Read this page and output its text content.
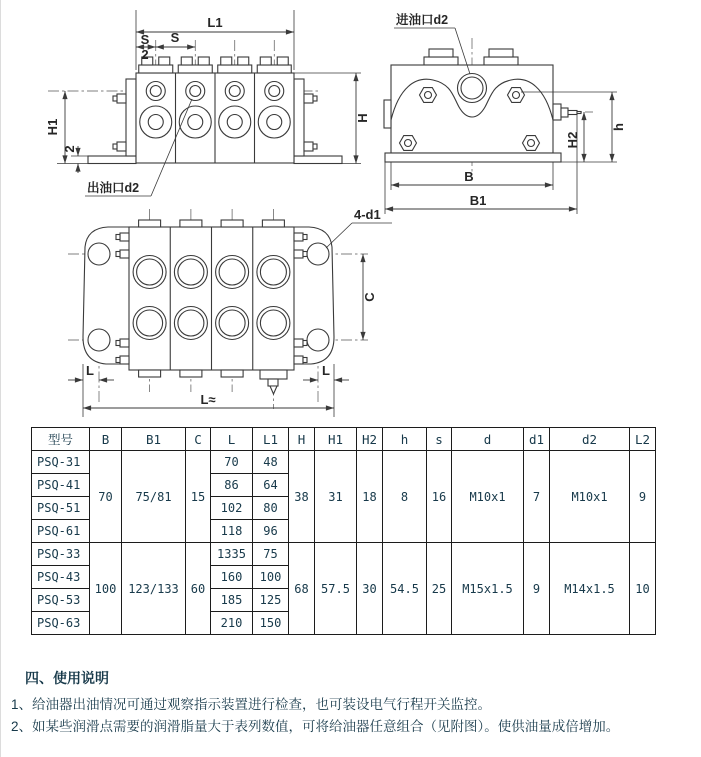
L1
S
S
2
H1
2
H
出油口d2
进油口d2
B
B1
h
H2
4-d1
C
L	L
L≈
型号	B	B1	C	L	L1	H	H1	H2	h	s	d	d1	d2	L2
PSQ-31	70	75/81	15	70	48	38	31	18	8	16	M10x1	7	M10x1	9
PSQ-41				86	64									
PSQ-51				102	80									
PSQ-61				118	96									
PSQ-33	100	123/133	60	1335	75	68	57.5	30	54.5	25	M15x1.5	9	M14x1.5	10
PSQ-43				160	100									
PSQ-53				185	125									
PSQ-63				210	150									

四、使用说明

1、给油器出油情况可通过观察指示装置进行检查，也可装设电气行程开关监控。

2、如某些润滑点需要的润滑脂量大于表列数值，可将给油器任意组合（见附图）。使供油量成倍增加。
